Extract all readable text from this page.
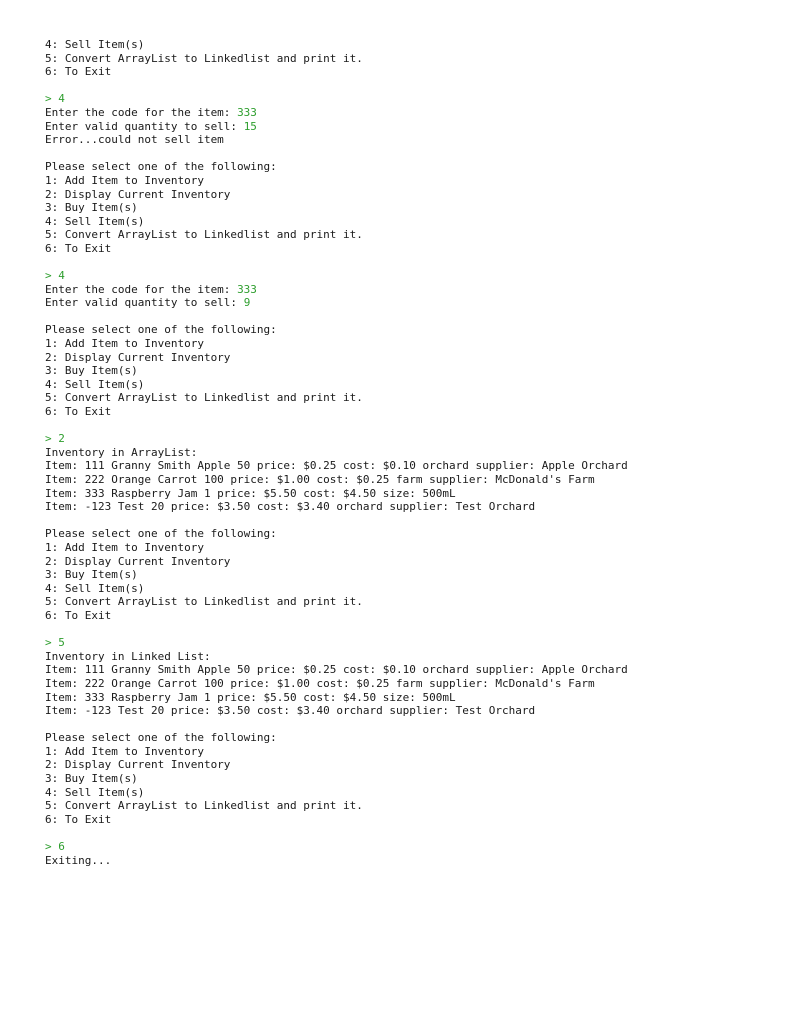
4: Sell Item(s)
5: Convert ArrayList to Linkedlist and print it.
6: To Exit
> 4
Enter the code for the item: 333
Enter valid quantity to sell: 15
Error...could not sell item
Please select one of the following:
1: Add Item to Inventory
2: Display Current Inventory
3: Buy Item(s)
4: Sell Item(s)
5: Convert ArrayList to Linkedlist and print it.
6: To Exit
> 4
Enter the code for the item: 333
Enter valid quantity to sell: 9
Please select one of the following:
1: Add Item to Inventory
2: Display Current Inventory
3: Buy Item(s)
4: Sell Item(s)
5: Convert ArrayList to Linkedlist and print it.
6: To Exit
> 2
Inventory in ArrayList:
Item: 111 Granny Smith Apple 50 price: $0.25 cost: $0.10 orchard supplier: Apple Orchard
Item: 222 Orange Carrot 100 price: $1.00 cost: $0.25 farm supplier: McDonald's Farm
Item: 333 Raspberry Jam 1 price: $5.50 cost: $4.50 size: 500mL
Item: -123 Test 20 price: $3.50 cost: $3.40 orchard supplier: Test Orchard
Please select one of the following:
1: Add Item to Inventory
2: Display Current Inventory
3: Buy Item(s)
4: Sell Item(s)
5: Convert ArrayList to Linkedlist and print it.
6: To Exit
> 5
Inventory in Linked List:
Item: 111 Granny Smith Apple 50 price: $0.25 cost: $0.10 orchard supplier: Apple Orchard
Item: 222 Orange Carrot 100 price: $1.00 cost: $0.25 farm supplier: McDonald's Farm
Item: 333 Raspberry Jam 1 price: $5.50 cost: $4.50 size: 500mL
Item: -123 Test 20 price: $3.50 cost: $3.40 orchard supplier: Test Orchard
Please select one of the following:
1: Add Item to Inventory
2: Display Current Inventory
3: Buy Item(s)
4: Sell Item(s)
5: Convert ArrayList to Linkedlist and print it.
6: To Exit
> 6
Exiting...
